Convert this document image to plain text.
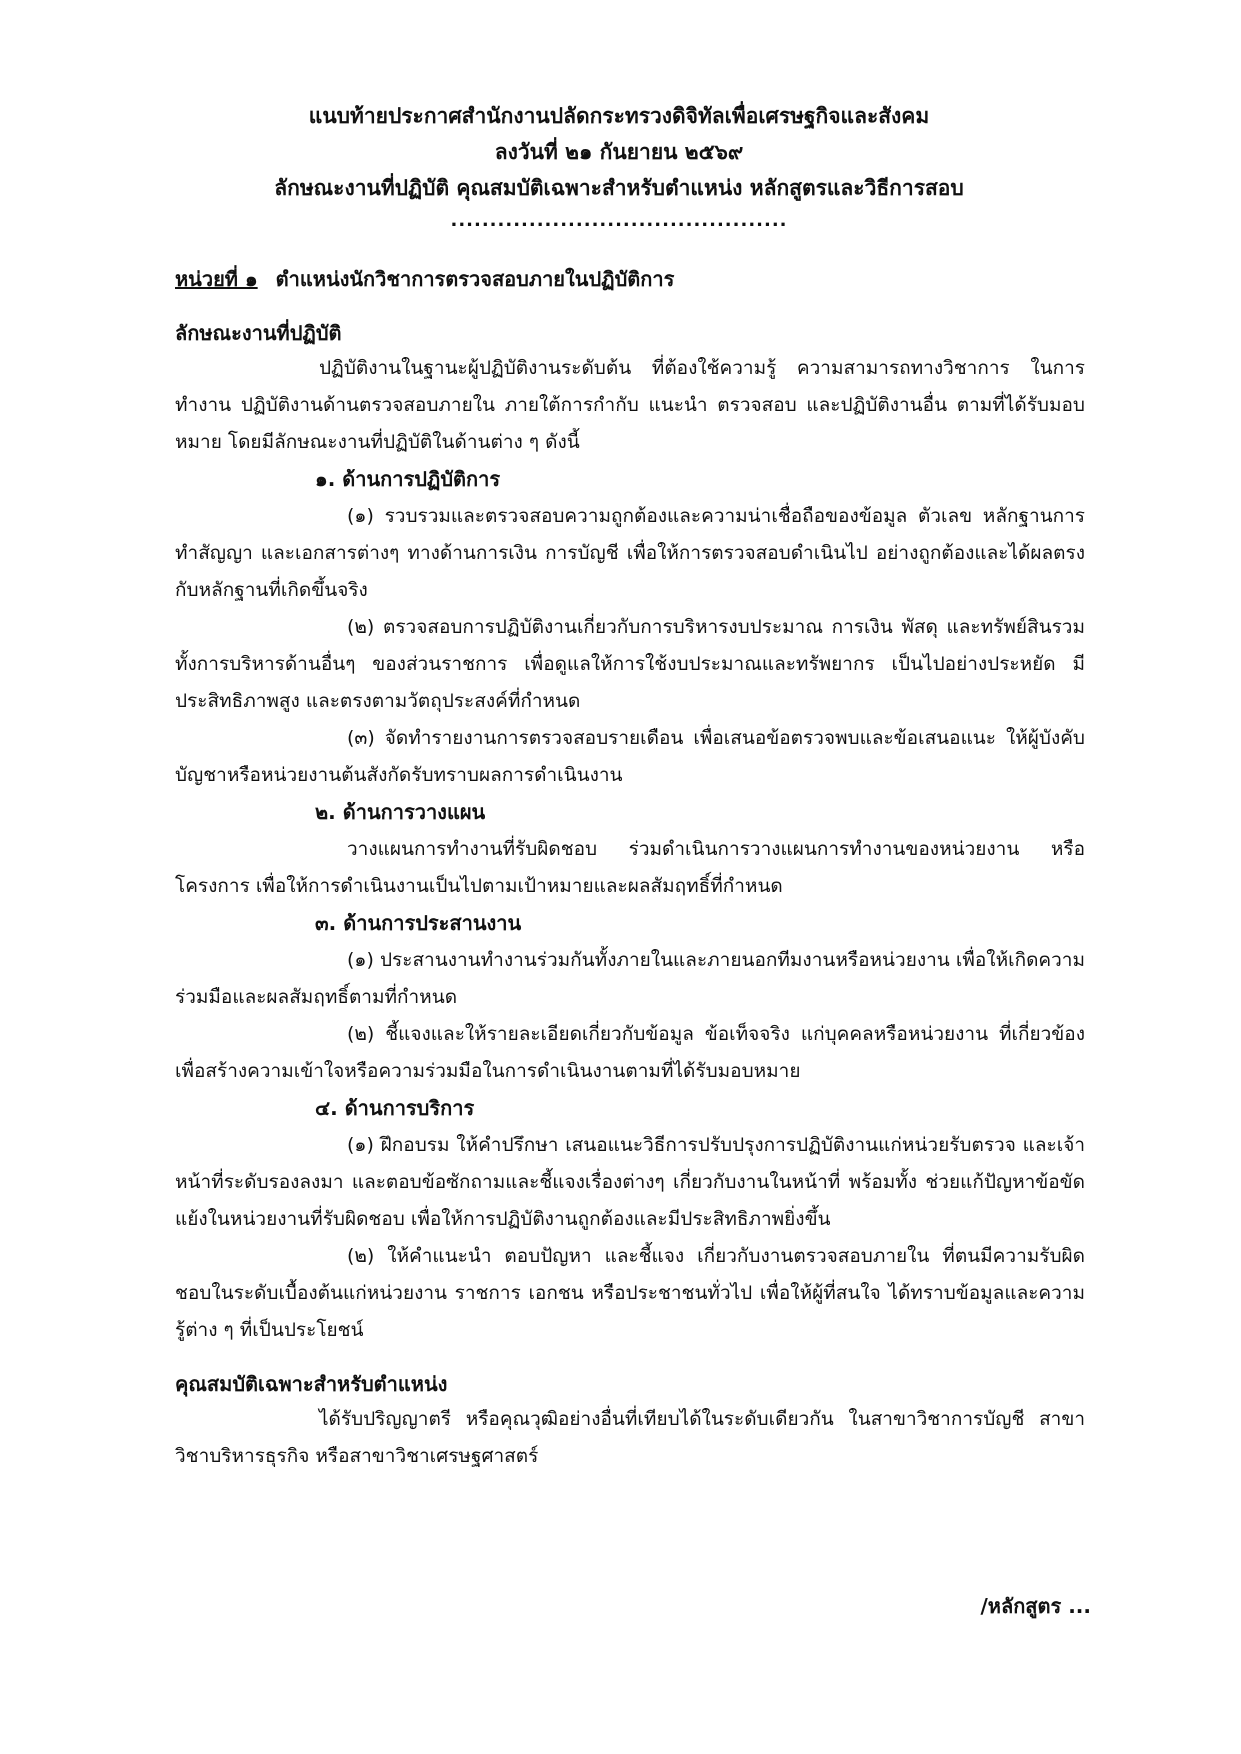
แนบท้ายประกาศสำนักงานปลัดกระทรวงดิจิทัลเพื่อเศรษฐกิจและสังคม
ลงวันที่ ๒๑ กันยายน ๒๕๖๙
ลักษณะงานที่ปฏิบัติ คุณสมบัติเฉพาะสำหรับตำแหน่ง หลักสูตรและวิธีการสอบ
...........................................
หน่วยที่ ๑ ตำแหน่งนักวิชาการตรวจสอบภายในปฏิบัติการ
ลักษณะงานที่ปฏิบัติ
ปฏิบัติงานในฐานะผู้ปฏิบัติงานระดับต้น ที่ต้องใช้ความรู้ ความสามารถทางวิชาการ ในการทำงาน ปฏิบัติงานด้านตรวจสอบภายใน ภายใต้การกำกับ แนะนำ ตรวจสอบ และปฏิบัติงานอื่น ตามที่ได้รับมอบหมาย โดยมีลักษณะงานที่ปฏิบัติในด้านต่าง ๆ ดังนี้
๑. ด้านการปฏิบัติการ
(๑) รวบรวมและตรวจสอบความถูกต้องและความน่าเชื่อถือของข้อมูล ตัวเลข หลักฐานการทำสัญญา และเอกสารต่างๆ ทางด้านการเงิน การบัญชี เพื่อให้การตรวจสอบดำเนินไป อย่างถูกต้องและได้ผลตรงกับหลักฐานที่เกิดขึ้นจริง
(๒) ตรวจสอบการปฏิบัติงานเกี่ยวกับการบริหารงบประมาณ การเงิน พัสดุ และทรัพย์สินรวมทั้งการบริหารด้านอื่นๆ ของส่วนราชการ เพื่อดูแลให้การใช้งบประมาณและทรัพยากร เป็นไปอย่างประหยัด มีประสิทธิภาพสูง และตรงตามวัตถุประสงค์ที่กำหนด
(๓) จัดทำรายงานการตรวจสอบรายเดือน เพื่อเสนอข้อตรวจพบและข้อเสนอแนะ ให้ผู้บังคับบัญชาหรือหน่วยงานต้นสังกัดรับทราบผลการดำเนินงาน
๒. ด้านการวางแผน
วางแผนการทำงานที่รับผิดชอบ ร่วมดำเนินการวางแผนการทำงานของหน่วยงาน หรือโครงการ เพื่อให้การดำเนินงานเป็นไปตามเป้าหมายและผลสัมฤทธิ์ที่กำหนด
๓. ด้านการประสานงาน
(๑) ประสานงานทำงานร่วมกันทั้งภายในและภายนอกทีมงานหรือหน่วยงาน เพื่อให้เกิดความร่วมมือและผลสัมฤทธิ์ตามที่กำหนด
(๒) ชี้แจงและให้รายละเอียดเกี่ยวกับข้อมูล ข้อเท็จจริง แก่บุคคลหรือหน่วยงาน ที่เกี่ยวข้อง เพื่อสร้างความเข้าใจหรือความร่วมมือในการดำเนินงานตามที่ได้รับมอบหมาย
๔. ด้านการบริการ
(๑) ฝึกอบรม ให้คำปรึกษา เสนอแนะวิธีการปรับปรุงการปฏิบัติงานแก่หน่วยรับตรวจ และเจ้าหน้าที่ระดับรองลงมา และตอบข้อซักถามและชี้แจงเรื่องต่างๆ เกี่ยวกับงานในหน้าที่ พร้อมทั้ง ช่วยแก้ปัญหาข้อขัดแย้งในหน่วยงานที่รับผิดชอบ เพื่อให้การปฏิบัติงานถูกต้องและมีประสิทธิภาพยิ่งขึ้น
(๒) ให้คำแนะนำ ตอบปัญหา และชี้แจง เกี่ยวกับงานตรวจสอบภายใน ที่ตนมีความรับผิดชอบในระดับเบื้องต้นแก่หน่วยงาน ราชการ เอกชน หรือประชาชนทั่วไป เพื่อให้ผู้ที่สนใจ ได้ทราบข้อมูลและความรู้ต่าง ๆ ที่เป็นประโยชน์
คุณสมบัติเฉพาะสำหรับตำแหน่ง
ได้รับปริญญาตรี หรือคุณวุฒิอย่างอื่นที่เทียบได้ในระดับเดียวกัน ในสาขาวิชาการบัญชี สาขาวิชาบริหารธุรกิจ หรือสาขาวิชาเศรษฐศาสตร์
/หลักสูตร ...
